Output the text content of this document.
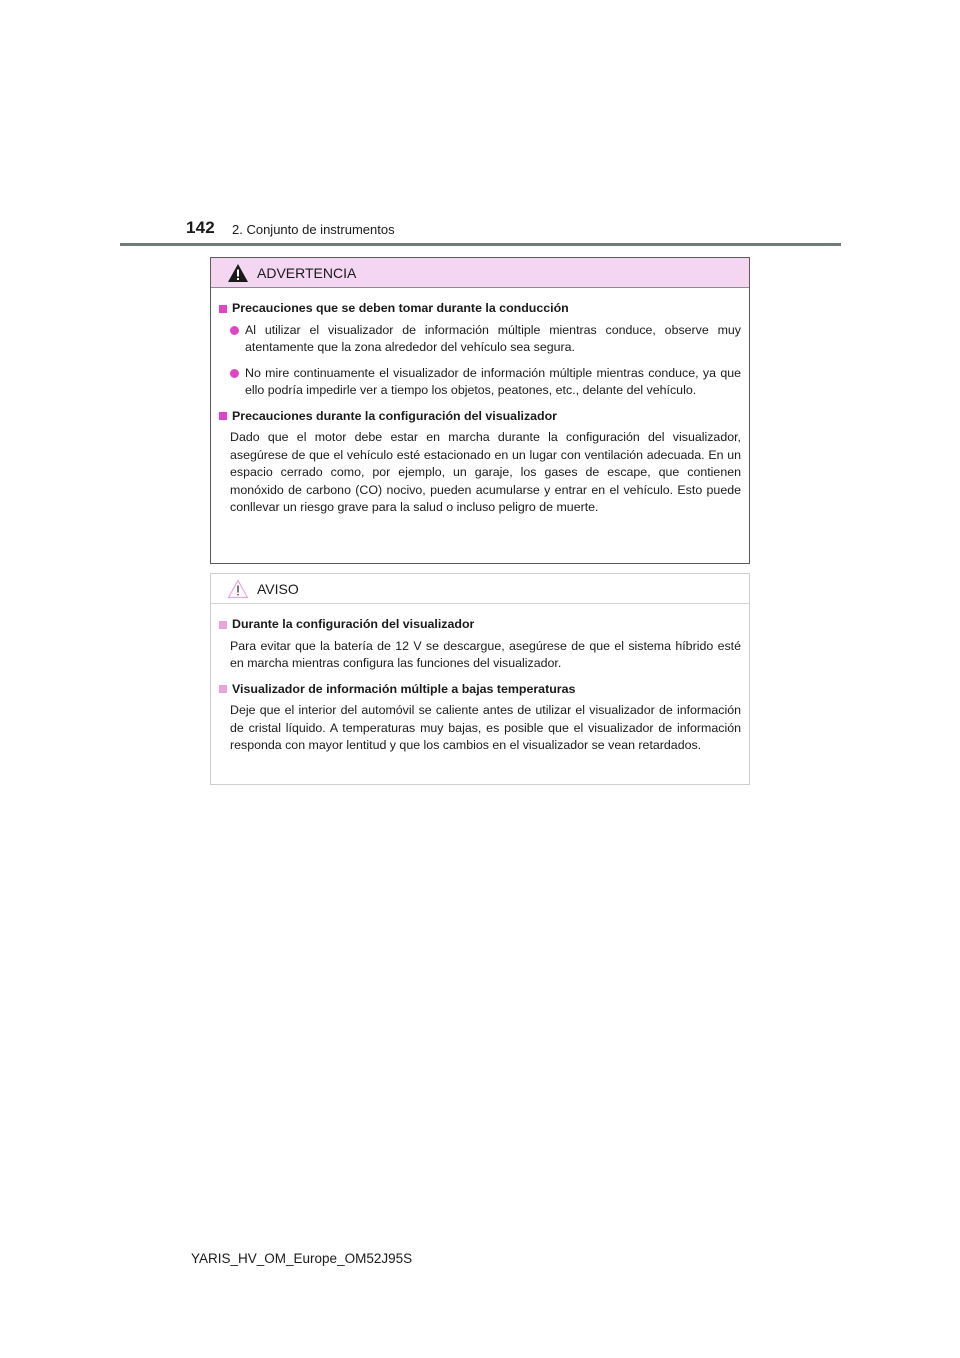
142 2. Conjunto de instrumentos
ADVERTENCIA
Precauciones que se deben tomar durante la conducción
Al utilizar el visualizador de información múltiple mientras conduce, observe muy atentamente que la zona alrededor del vehículo sea segura.
No mire continuamente el visualizador de información múltiple mientras conduce, ya que ello podría impedirle ver a tiempo los objetos, peatones, etc., delante del vehículo.
Precauciones durante la configuración del visualizador
Dado que el motor debe estar en marcha durante la configuración del visualizador, asegúrese de que el vehículo esté estacionado en un lugar con ventilación adecuada. En un espacio cerrado como, por ejemplo, un garaje, los gases de escape, que contienen monóxido de carbono (CO) nocivo, pueden acumularse y entrar en el vehículo. Esto puede conllevar un riesgo grave para la salud o incluso peligro de muerte.
AVISO
Durante la configuración del visualizador
Para evitar que la batería de 12 V se descargue, asegúrese de que el sistema híbrido esté en marcha mientras configura las funciones del visualizador.
Visualizador de información múltiple a bajas temperaturas
Deje que el interior del automóvil se caliente antes de utilizar el visualizador de información de cristal líquido. A temperaturas muy bajas, es posible que el visualizador de información responda con mayor lentitud y que los cambios en el visualizador se vean retardados.
YARIS_HV_OM_Europe_OM52J95S
